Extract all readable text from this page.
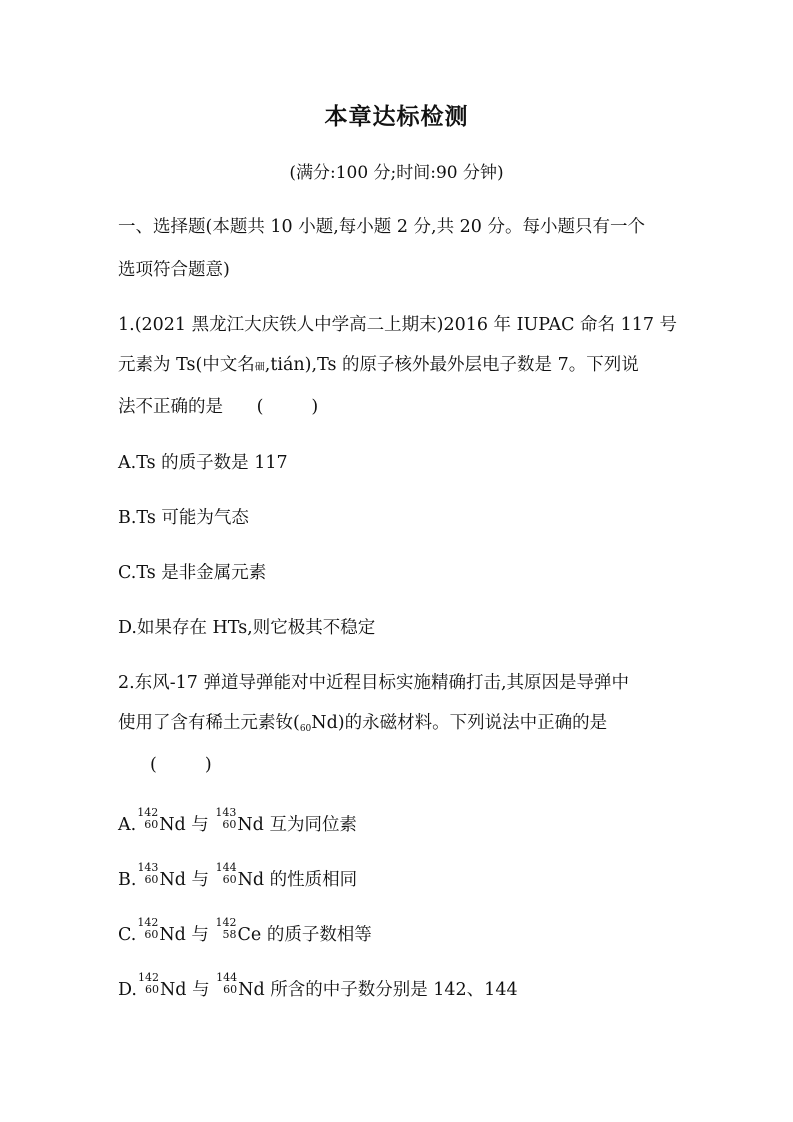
本章达标检测
(满分:100 分;时间:90 分钟)
一、选择题(本题共 10 小题,每小题 2 分,共 20 分。每小题只有一个
选项符合题意)
1.(2021 黑龙江大庆铁人中学高二上期末)2016 年 IUPAC 命名 117 号
元素为 Ts(中文名鿬,tián),Ts 的原子核外最外层电子数是 7。下列说
法不正确的是 (	)
A.Ts 的质子数是 117
B.Ts 可能为气态
C.Ts 是非金属元素
D.如果存在 HTs,则它极其不稳定
2.东风-17 弹道导弹能对中近程目标实施精确打击,其原因是导弹中
使用了含有稀土元素钕(60Nd)的永磁材料。下列说法中正确的是
(	)
A.
142
60 Nd 与
143
60 Nd 互为同位素
B.
143
60 Nd 与
144
60 Nd 的性质相同
C.
142
60 Nd 与
142
58 Ce 的质子数相等
D.
142
60 Nd 与
144
60 Nd 所含的中子数分别是 142、144
